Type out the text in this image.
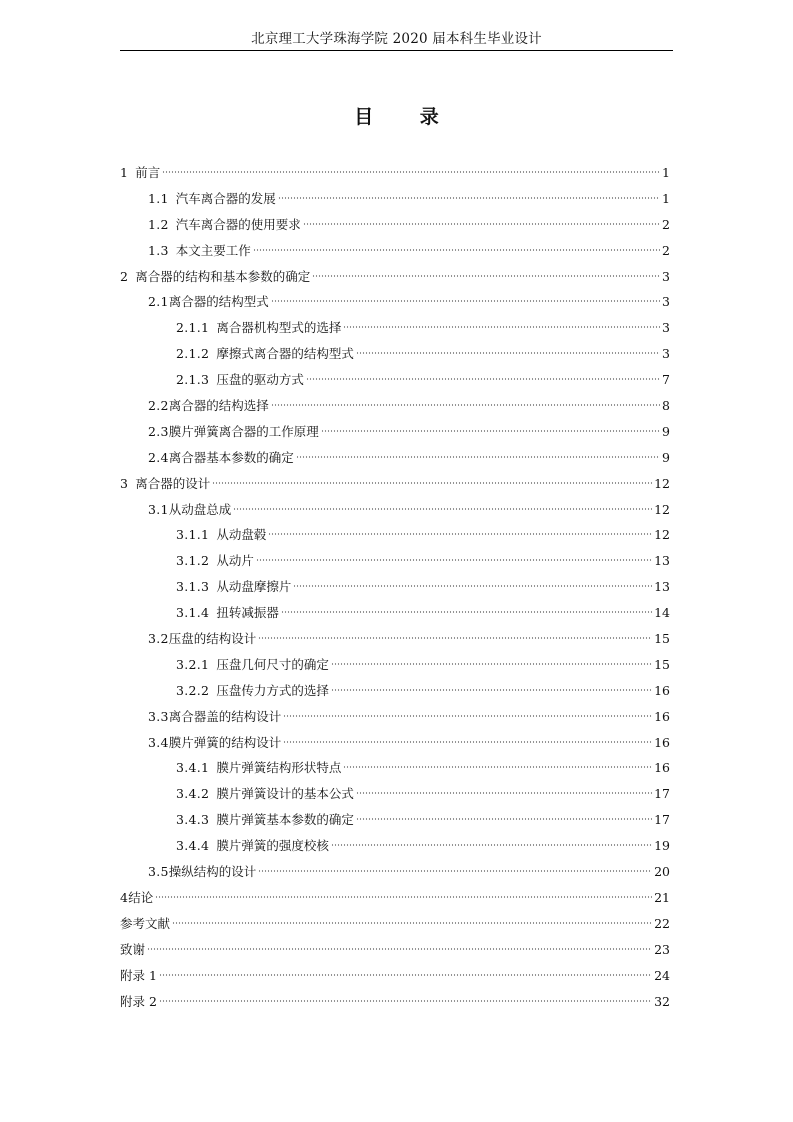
北京理工大学珠海学院 2020 届本科生毕业设计
目 录
1 前言	1
1.1 汽车离合器的发展	1
1.2 汽车离合器的使用要求	2
1.3 本文主要工作	2
2 离合器的结构和基本参数的确定	3
2.1 离合器的结构型式	3
2.1.1 离合器机构型式的选择	3
2.1.2 摩擦式离合器的结构型式	3
2.1.3 压盘的驱动方式	7
2.2 离合器的结构选择	8
2.3 膜片弹簧离合器的工作原理	9
2.4 离合器基本参数的确定	9
3 离合器的设计	12
3.1 从动盘总成	12
3.1.1 从动盘毂	12
3.1.2 从动片	13
3.1.3 从动盘摩擦片	13
3.1.4 扭转减振器	14
3.2 压盘的结构设计	15
3.2.1 压盘几何尺寸的确定	15
3.2.2 压盘传力方式的选择	16
3.3 离合器盖的结构设计	16
3.4 膜片弹簧的结构设计	16
3.4.1 膜片弹簧结构形状特点	16
3.4.2 膜片弹簧设计的基本公式	17
3.4.3 膜片弹簧基本参数的确定	17
3.4.4 膜片弹簧的强度校核	19
3.5 操纵结构的设计	20
4 结论	21
参考文献	22
致谢	23
附录 1	24
附录 2	32
